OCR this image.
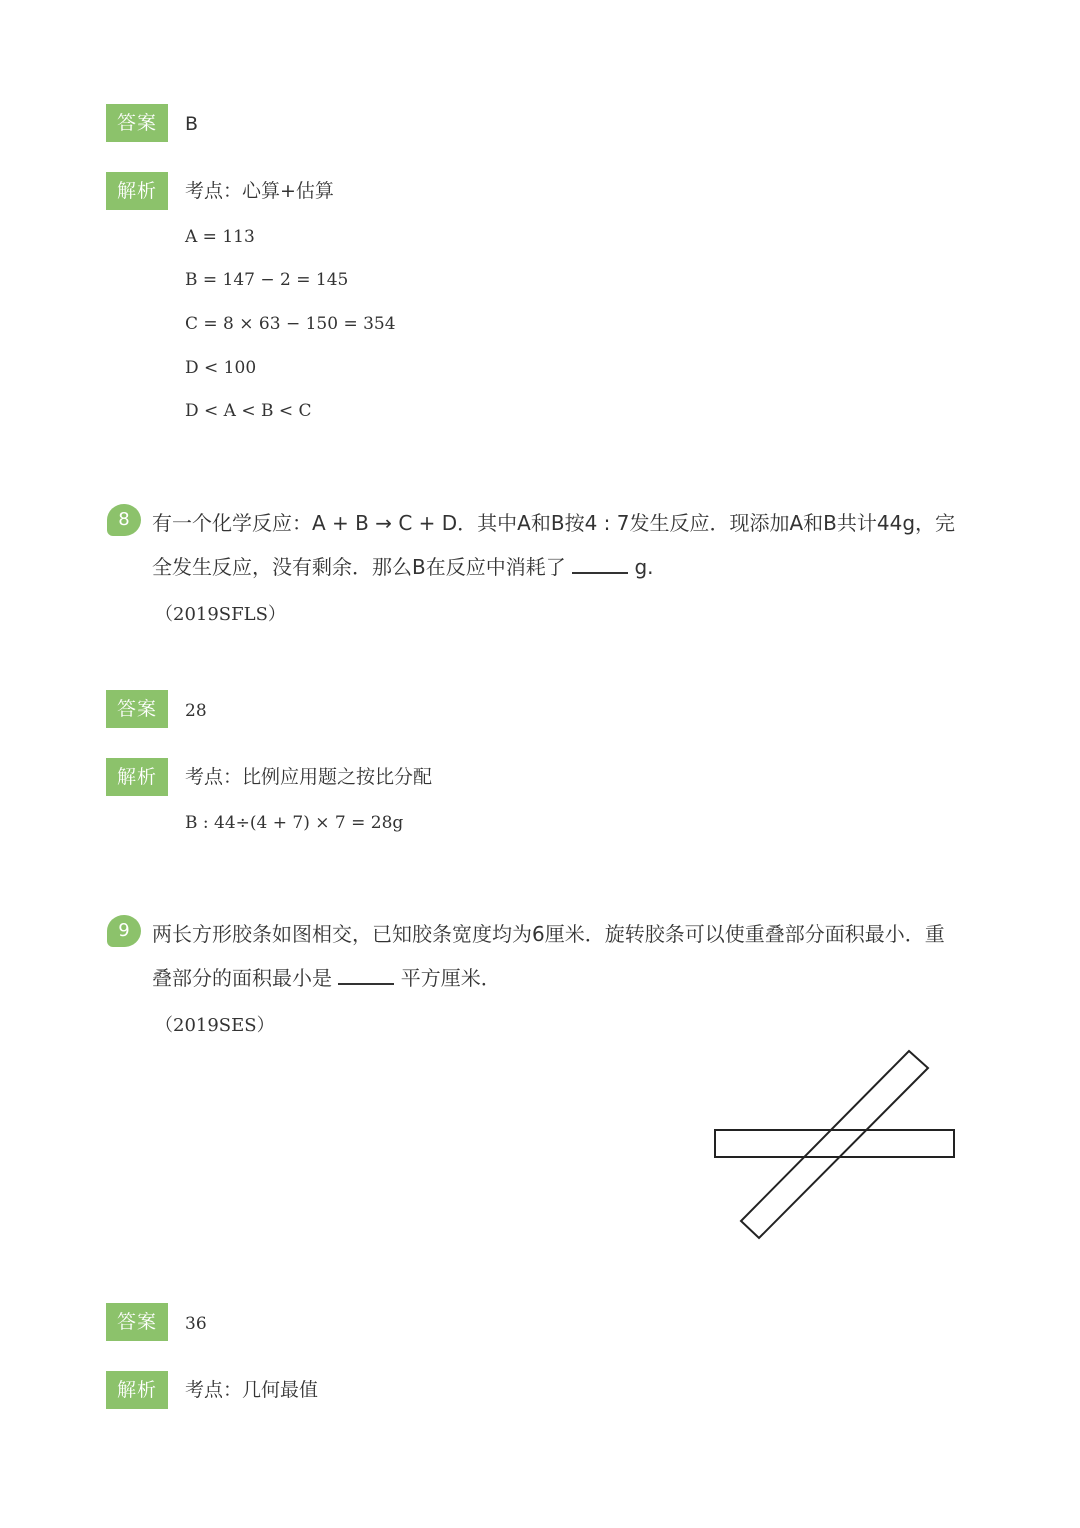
答案	B
解析	考点：心算+估算
A = 113
B = 147 − 2 = 145
C = 8 × 63 − 150 = 354
D < 100
D < A < B < C
8	有一个化学反应：A + B → C + D．其中A和B按4 : 7发生反应．现添加A和B共计44g，完
全发生反应，没有剩余．那么B在反应中消耗了	g.
（2019SFLS）
答案	28
解析	考点：比例应用题之按比分配
B : 44÷(4 + 7) × 7 = 28g
9	两长方形胶条如图相交，已知胶条宽度均为6厘米．旋转胶条可以使重叠部分面积最小．重
叠部分的面积最小是	平方厘米．
（2019SES）
答案	36
解析	考点：几何最值
